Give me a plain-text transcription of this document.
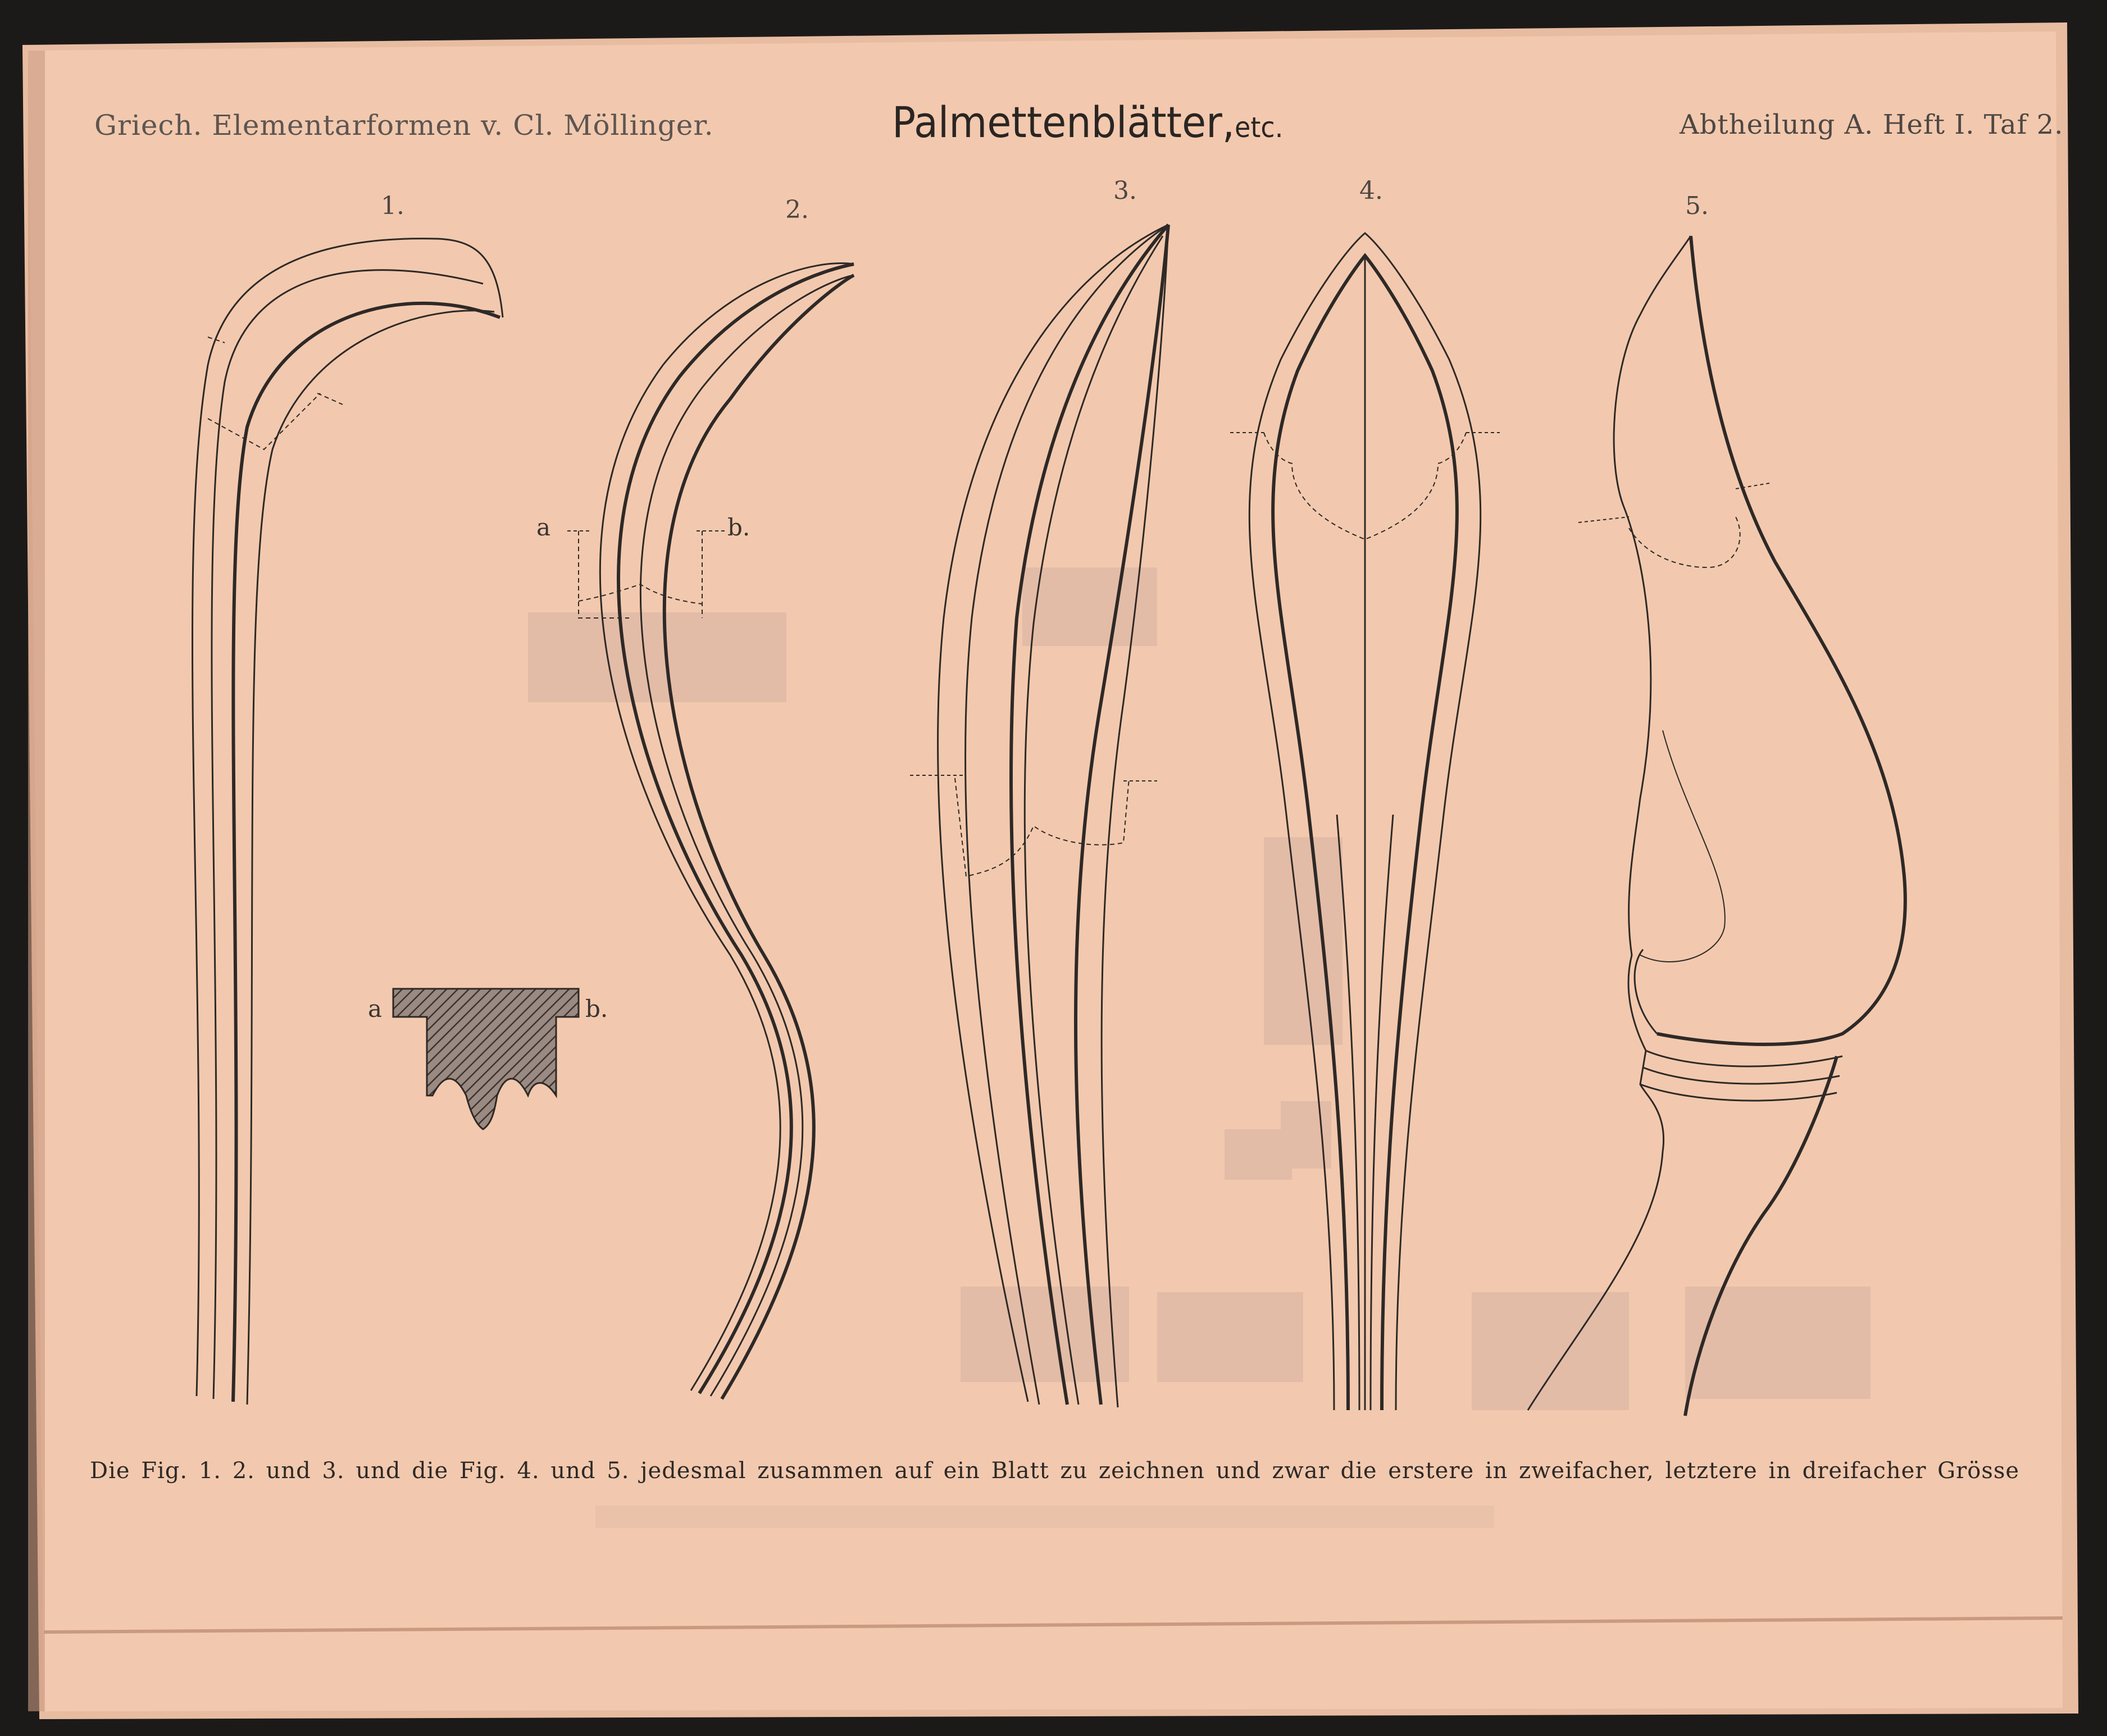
Griech. Elementarformen v. Cl. Möllinger.	Palmettenblätter,etc.	Abtheilung A. Heft I. Taf 2.
1.	2.
3.	4.
5.
a	b.
a	b.
Die Fig. 1. 2. und 3. und die Fig. 4. und 5. jedesmal zusammen auf ein Blatt zu zeichnen und zwar die erstere in zweifacher, letztere in dreifacher Grösse
